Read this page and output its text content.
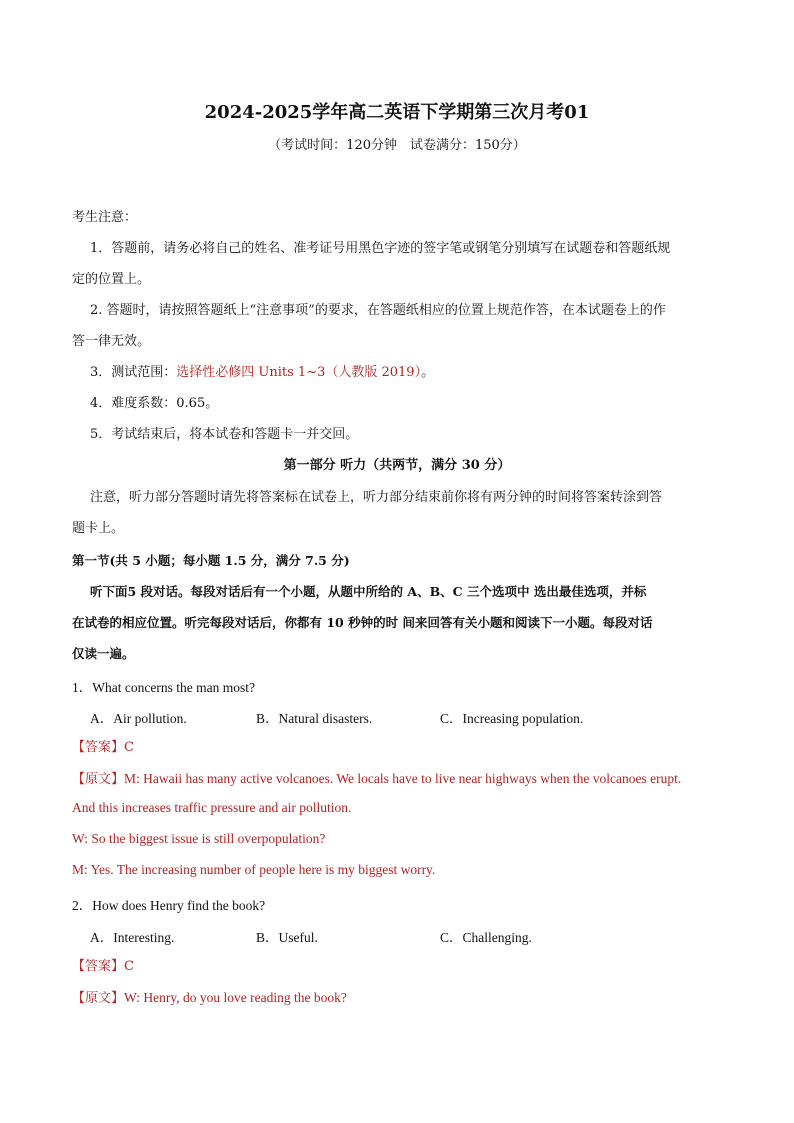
2024-2025学年高二英语下学期第三次月考01
（考试时间：120分钟　试卷满分：150分）
考生注意：
1．答题前，请务必将自己的姓名、准考证号用黑色字迹的签字笔或钢笔分别填写在试题卷和答题纸规
定的位置上。
2. 答题时，请按照答题纸上“注意事项”的要求，在答题纸相应的位置上规范作答，在本试题卷上的作
答一律无效。
3．测试范围：选择性必修四 Units 1~3（人教版 2019）。
4．难度系数：0.65。
5．考试结束后，将本试卷和答题卡一并交回。
第一部分 听力（共两节，满分 30 分）
注意，听力部分答题时请先将答案标在试卷上，听力部分结束前你将有两分钟的时间将答案转涂到答
题卡上。
第一节(共 5 小题；每小题 1.5 分，满分 7.5 分)
听下面5 段对话。每段对话后有一个小题，从题中所给的 A、B、C 三个选项中 选出最佳选项，并标
在试卷的相应位置。听完每段对话后，你都有 10 秒钟的时 间来回答有关小题和阅读下一小题。每段对话
仅读一遍。
1．What concerns the man most?
A．Air pollution.	B．Natural disasters.	C．Increasing population.
【答案】C
【原文】M: Hawaii has many active volcanoes. We locals have to live near highways when the volcanoes erupt.
And this increases traffic pressure and air pollution.
W: So the biggest issue is still overpopulation?
M: Yes. The increasing number of people here is my biggest worry.
2．How does Henry find the book?
A．Interesting.	B．Useful.	C．Challenging.
【答案】C
【原文】W: Henry, do you love reading the book?
